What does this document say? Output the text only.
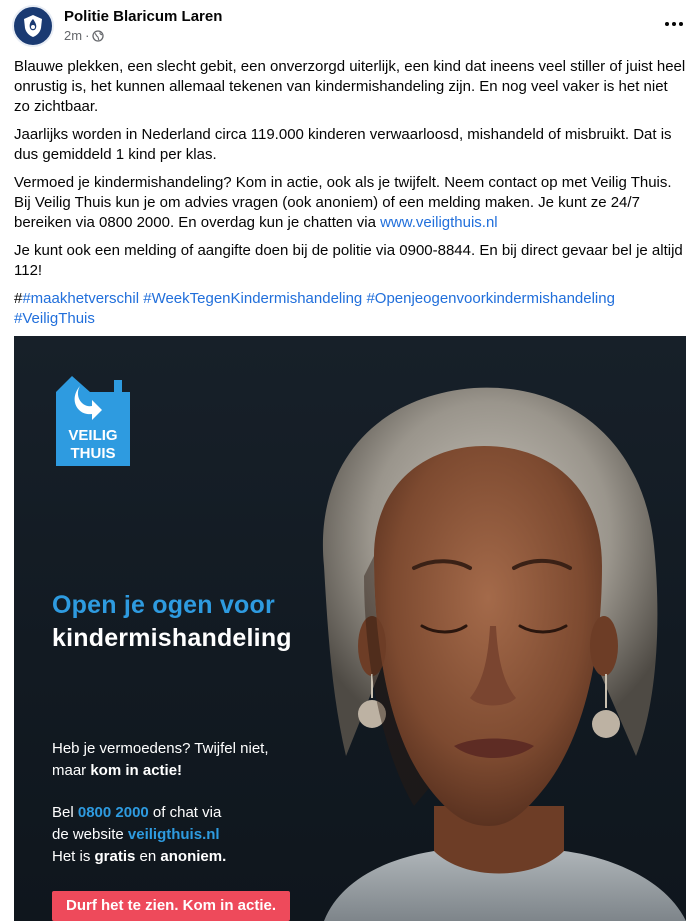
Politie Blaricum Laren
2m ·

Blauwe plekken, een slecht gebit, een onverzorgd uiterlijk, een kind dat ineens veel stiller of juist heel onrustig is, het kunnen allemaal tekenen van kindermishandeling zijn. En nog veel vaker is het niet zo zichtbaar.

Jaarlijks worden in Nederland circa 119.000 kinderen verwaarloosd, mishandeld of misbruikt. Dat is dus gemiddeld 1 kind per klas.

Vermoed je kindermishandeling? Kom in actie, ook als je twijfelt. Neem contact op met Veilig Thuis. Bij Veilig Thuis kun je om advies vragen (ook anoniem) of een melding maken. Je kunt ze 24/7 bereiken via 0800 2000. En overdag kun je chatten via www.veiligthuis.nl

Je kunt ook een melding of aangifte doen bij de politie via 0900-8844. En bij direct gevaar bel je altijd 112!

##maakhetverschil #WeekTegenKindermishandeling #Openjeogenvoorkindermishandeling #VeiligThuis

VEILIG
THUIS
Open je ogen voor
kindermishandeling
Heb je vermoedens? Twijfel niet,
maar kom in actie!
Bel 0800 2000 of chat via
de website veiligthuis.nl
Het is gratis en anoniem.
Durf het te zien. Kom in actie.
